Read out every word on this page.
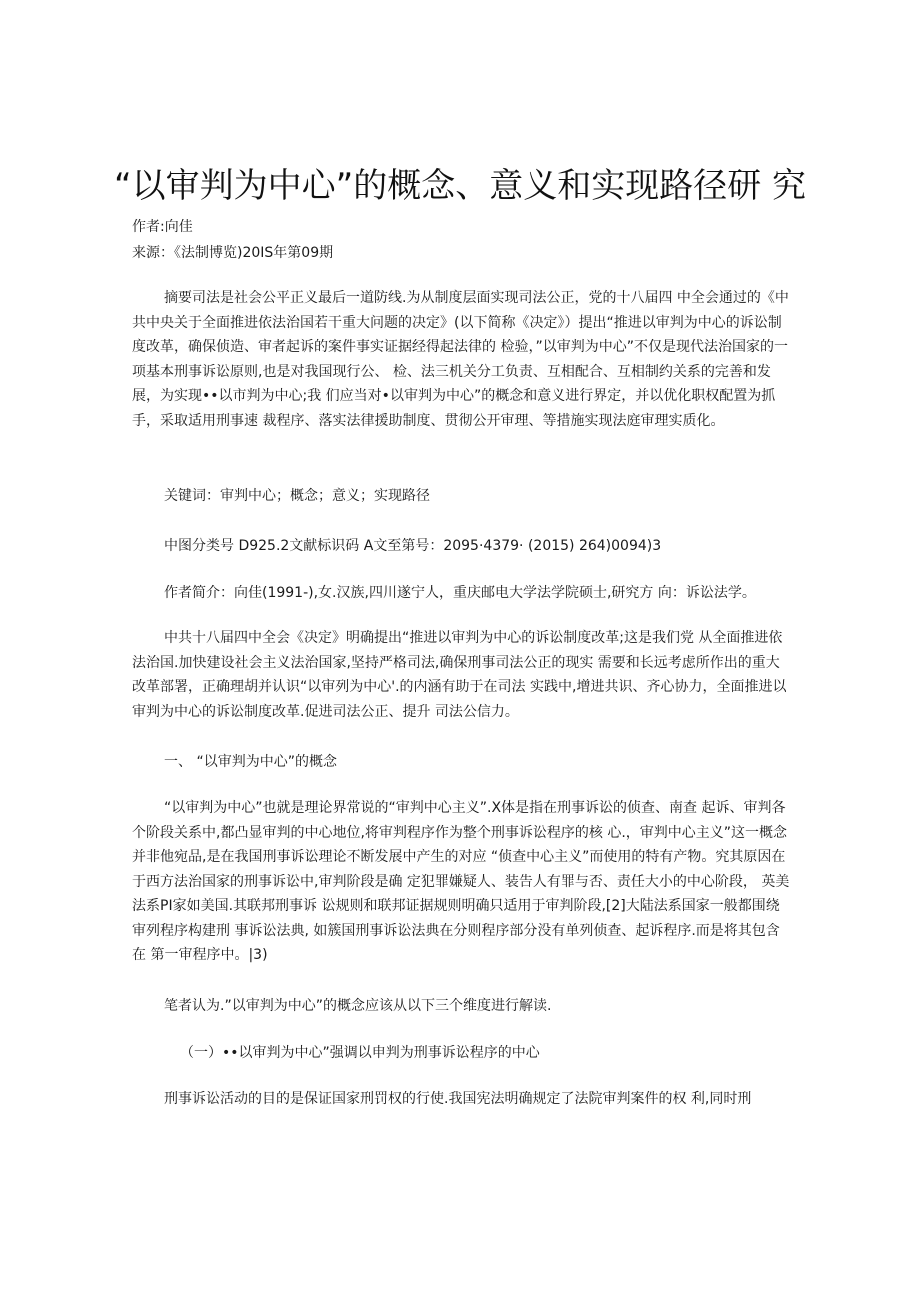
“以审判为中心”的概念、意义和实现路径研 究
作者:向佳
来源：《法制博览)20IS年第09期

摘要司法是社会公平正义最后一道防线.为从制度层面实现司法公正，党的十八届四 中全会通过的《中共中央关于全面推进依法治国若干重大问题的决定》(以下简称《决定》）提出“推进以审判为中心的诉讼制度改革，确保侦造、审者起诉的案件事实证据经得起法律的 检验，”以审判为中心”不仅是现代法治国家的一项基本刑事诉讼原则,也是对我国现行公、 检、法三机关分工负责、互相配合、互相制约关系的完善和发展，为实现••以市判为中心;我 们应当对•以审判为中心”的概念和意义进行界定，并以优化职权配置为抓手，采取适用刑事速 裁程序、落实法律援助制度、贯彻公开审理、等措施实现法庭审理实质化。

关键词：审判中心；概念；意义；实现路径
中图分类号 D925.2文献标识码 A文至第号：2095·4379· (2015) 264)0094)3
作者简介：向佳(1991-),女.汉族,四川遂宁人，重庆邮电大学法学院硕士,研究方 向：诉讼法学。

中共十八届四中全会《决定》明确提出“推进以审判为中心的诉讼制度改革;这是我们党 从全面推进依法治国.加快建设社会主义法治国家,坚持严格司法,确保刑事司法公正的现实 需要和长远考虑所作出的重大改革部署，正确理胡并认识“以审列为中心'.的内涵有助于在司法 实践中,增进共识、齐心协力，全面推进以审判为中心的诉讼制度改革.促进司法公正、提升 司法公信力。

一、 “以审判为中心”的概念

“以审判为中心”也就是理论界常说的“审判中心主义”.X体是指在刑事诉讼的侦查、南查 起诉、审判各个阶段关系中,都凸显审判的中心地位,将审判程序作为整个刑事诉讼程序的核 心.，审判中心主义”这一概念并非他宛品,是在我国刑事诉讼理论不断发展中产生的对应 “侦查中心主义”而使用的特有产物。究其原因在于西方法治国家的刑事诉讼中,审判阶段是确 定犯罪嫌疑人、装告人有罪与否、责任大小的中心阶段， 英美法系PI家如美国.其联邦刑事诉 讼规则和联邦证据规则明确只适用于审判阶段,[2]大陆法系国家一般都围绕审列程序构建刑 事诉讼法典, 如簇国刑事诉讼法典在分则程序部分没有单列侦查、起诉程序.而是将其包含在 第一审程序中。|3)

笔者认为.”以审判为中心”的概念应该从以下三个维度进行解读.
（一）••以审判为中心”强调以申判为刑事诉讼程序的中心
刑事诉讼活动的目的是保证国家刑罚权的行使.我国宪法明确规定了法院审判案件的权 利,同时刑
